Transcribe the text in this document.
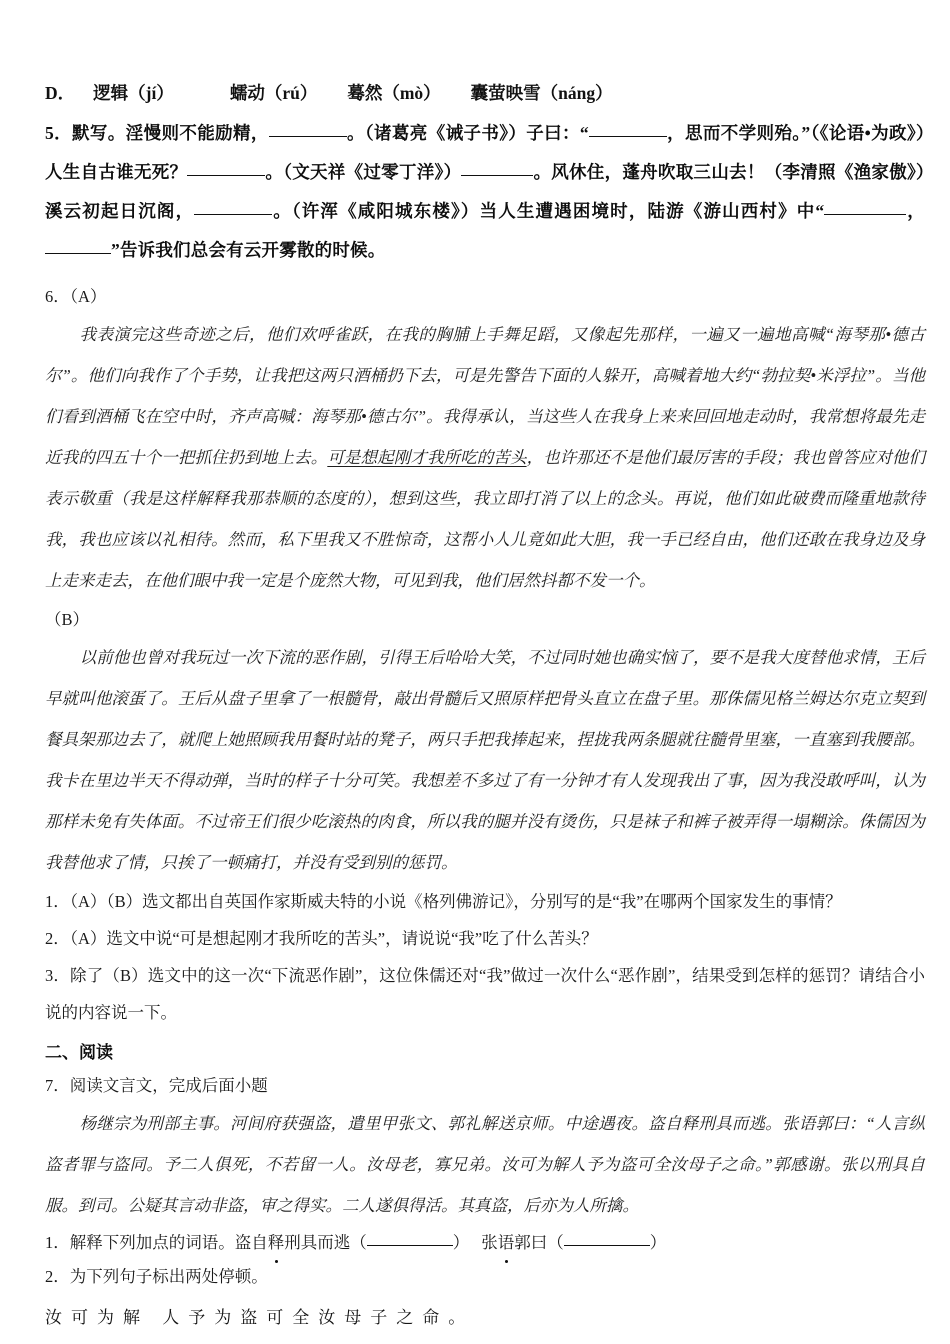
D． 逻辑（jí）	蠕动（rú） 蓦然（mò） 囊萤映雪（náng）
5．默写。淫慢则不能励精，	。（诸葛亮《诫子书》）子曰：“	，思而不学则殆。”（《论语•为政》）人生自古谁无死？	。（文天祥《过零丁洋》）	。风休住，蓬舟吹取三山去！（李清照《渔家傲》）溪云初起日沉阁，	。（许浑《咸阳城东楼》）当人生遭遇困境时，陆游《游山西村》中“	，”告诉我们总会有云开雾散的时候。
6．（A）
我表演完这些奇迹之后，他们欢呼雀跃，在我的胸脯上手舞足蹈，又像起先那样，一遍又一遍地高喊“海琴那•德古尔”。他们向我作了个手势，让我把这两只酒桶扔下去，可是先警告下面的人躲开，高喊着地大约“勃拉契•米浮拉”。当他们看到酒桶飞在空中时，齐声高喊：海琴那•德古尔”。我得承认，当这些人在我身上来来回回地走动时，我常想将最先走近我的四五十个一把抓住扔到地上去。可是想起刚才我所吃的苦头，也许那还不是他们最厉害的手段；我也曾答应对他们表示敬重（我是这样解释我那恭顺的态度的），想到这些，我立即打消了以上的念头。再说，他们如此破费而隆重地款待我，我也应该以礼相待。然而，私下里我又不胜惊奇，这帮小人儿竟如此大胆，我一手已经自由，他们还敢在我身边及身上走来走去，在他们眼中我一定是个庞然大物，可见到我，他们居然抖都不发一个。
（B）
以前他也曾对我玩过一次下流的恶作剧，引得王后哈哈大笑，不过同时她也确实恼了，要不是我大度替他求情，王后早就叫他滚蛋了。王后从盘子里拿了一根髓骨，敲出骨髓后又照原样把骨头直立在盘子里。那侏儒见格兰姆达尔克立契到餐具架那边去了，就爬上她照顾我用餐时站的凳子，两只手把我捧起来，捏拢我两条腿就往髓骨里塞，一直塞到我腰部。我卡在里边半天不得动弹，当时的样子十分可笑。我想差不多过了有一分钟才有人发现我出了事，因为我没敢呼叫，认为那样未免有失体面。不过帝王们很少吃滚热的肉食，所以我的腿并没有烫伤，只是袜子和裤子被弄得一塌糊涂。侏儒因为我替他求了情，只挨了一顿痛打，并没有受到别的惩罚。
1．（A）（B）选文都出自英国作家斯威夫特的小说《格列佛游记》，分别写的是“我”在哪两个国家发生的事情？
2．（A）选文中说“可是想起刚才我所吃的苦头”，请说说“我”吃了什么苦头？
3．除了（B）选文中的这一次“下流恶作剧”，这位侏儒还对“我”做过一次什么“恶作剧”，结果受到怎样的惩罚？请结合小说的内容说一下。
二、阅读
7．阅读文言文，完成后面小题
杨继宗为刑部主事。河间府获强盗，遣里甲张文、郭礼解送京师。中途遇夜。盗自释刑具而逃。张语郭曰：“人言纵盗者罪与盗同。予二人俱死，不若留一人。汝母老，寡兄弟。汝可为解人予为盗可全汝母子之命。”郭感谢。张以刑具自服。到司。公疑其言动非盗，审之得实。二人遂俱得活。其真盗，后亦为人所擒。
1．解释下列加点的词语。盗自释刑具而逃（	） 张语郭曰（	）
2．为下列句子标出两处停顿。
汝可为解 人予为盗可全汝母子之命。
